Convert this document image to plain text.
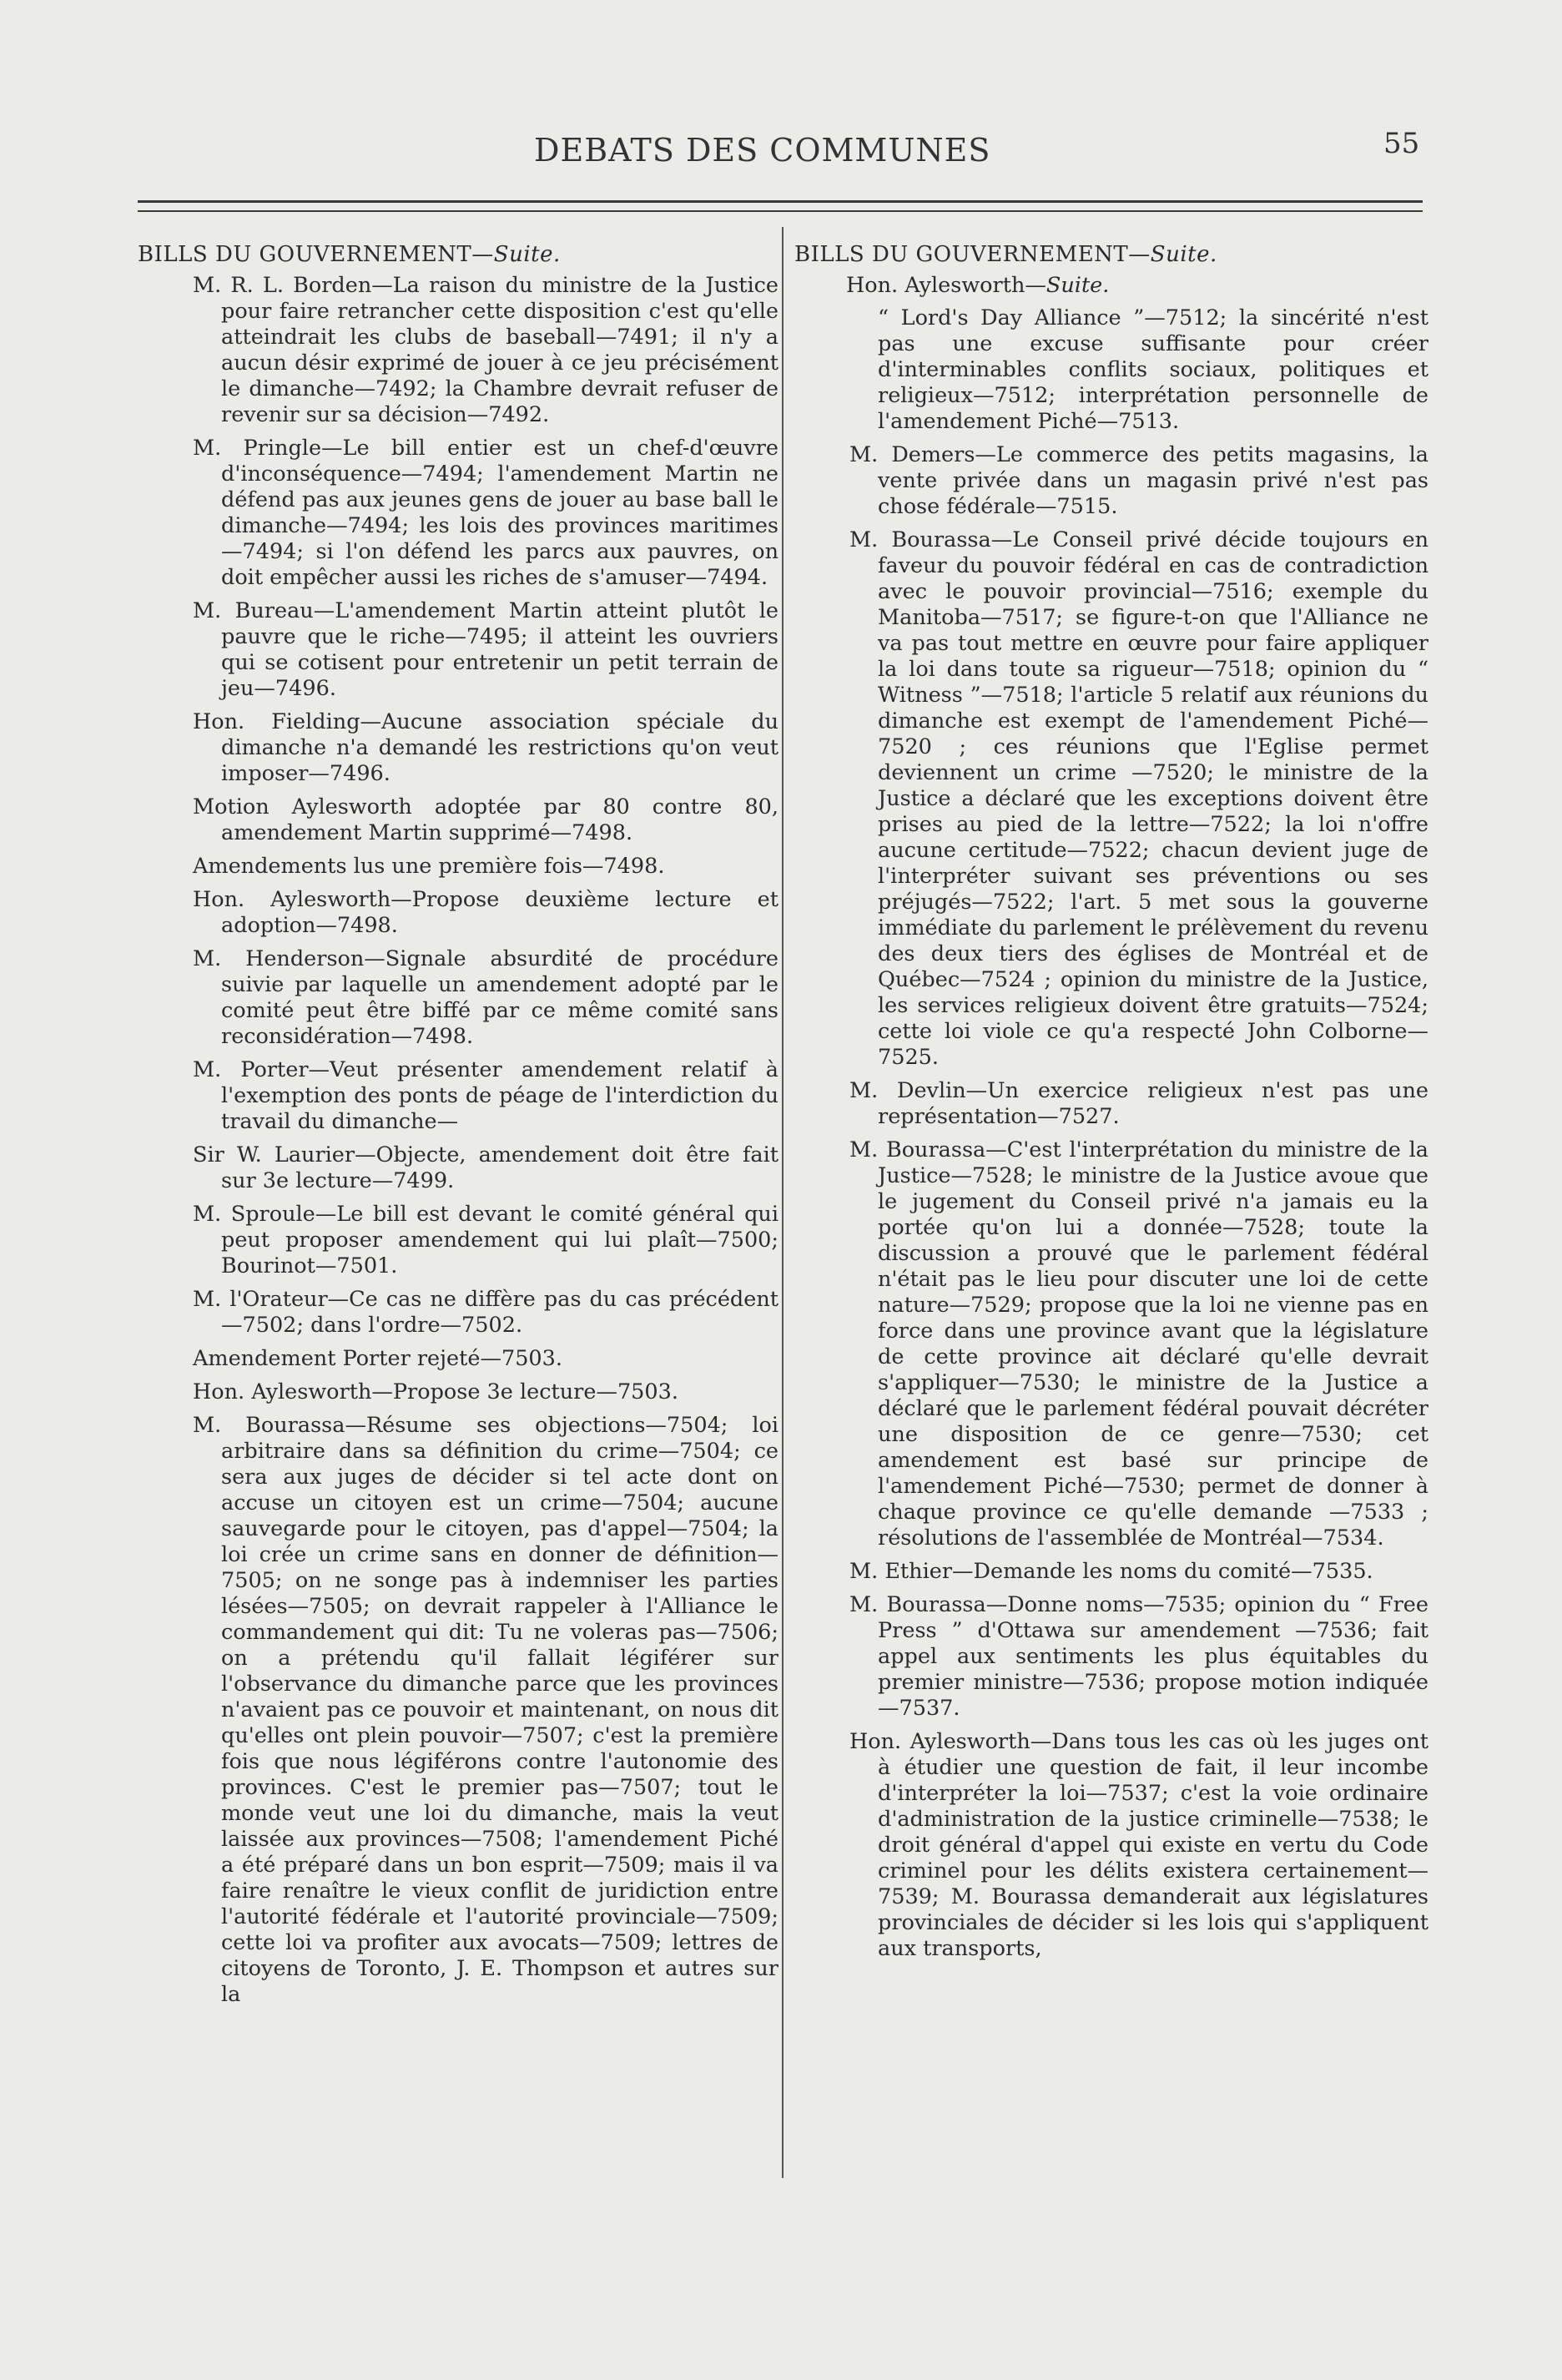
DEBATS DES COMMUNES	55
BILLS DU GOUVERNEMENT—Suite.

M. R. L. Borden—La raison du ministre de la Justice pour faire retrancher cette disposition c'est qu'elle atteindrait les clubs de baseball—7491; il n'y a aucun désir exprimé de jouer à ce jeu précisément le dimanche—7492; la Chambre devrait refuser de revenir sur sa décision—7492.

M. Pringle—Le bill entier est un chef-d'œuvre d'inconséquence—7494; l'amendement Martin ne défend pas aux jeunes gens de jouer au base ball le dimanche—7494; les lois des provinces maritimes—7494; si l'on défend les parcs aux pauvres, on doit empêcher aussi les riches de s'amuser—7494.

M. Bureau—L'amendement Martin atteint plutôt le pauvre que le riche—7495; il atteint les ouvriers qui se cotisent pour entretenir un petit terrain de jeu—7496.

Hon. Fielding—Aucune association spéciale du dimanche n'a demandé les restrictions qu'on veut imposer—7496.

Motion Aylesworth adoptée par 80 contre 80, amendement Martin supprimé—7498.

Amendements lus une première fois—7498.

Hon. Aylesworth—Propose deuxième lecture et adoption—7498.

M. Henderson—Signale absurdité de procédure suivie par laquelle un amendement adopté par le comité peut être biffé par ce même comité sans reconsidération—7498.

M. Porter—Veut présenter amendement relatif à l'exemption des ponts de péage de l'interdiction du travail du dimanche—

Sir W. Laurier—Objecte, amendement doit être fait sur 3e lecture—7499.

M. Sproule—Le bill est devant le comité général qui peut proposer amendement qui lui plaît—7500; Bourinot—7501.

M. l'Orateur—Ce cas ne diffère pas du cas précédent—7502; dans l'ordre—7502.

Amendement Porter rejeté—7503.

Hon. Aylesworth—Propose 3e lecture—7503.

M. Bourassa—Résume ses objections—7504; loi arbitraire dans sa définition du crime—7504; ce sera aux juges de décider si tel acte dont on accuse un citoyen est un crime—7504; aucune sauvegarde pour le citoyen, pas d'appel—7504; la loi crée un crime sans en donner de définition—7505; on ne songe pas à indemniser les parties lésées—7505; on devrait rappeler à l'Alliance le commandement qui dit: Tu ne voleras pas—7506; on a prétendu qu'il fallait légiférer sur l'observance du dimanche parce que les provinces n'avaient pas ce pouvoir et maintenant, on nous dit qu'elles ont plein pouvoir—7507; c'est la première fois que nous légiférons contre l'autonomie des provinces. C'est le premier pas—7507; tout le monde veut une loi du dimanche, mais la veut laissée aux provinces—7508; l'amendement Piché a été préparé dans un bon esprit—7509; mais il va faire renaître le vieux conflit de juridiction entre l'autorité fédérale et l'autorité provinciale—7509; cette loi va profiter aux avocats—7509; lettres de citoyens de Toronto, J. E. Thompson et autres sur la

BILLS DU GOUVERNEMENT—Suite.
Hon. Aylesworth—Suite.

“ Lord's Day Alliance ”—7512; la sincérité n'est pas une excuse suffisante pour créer d'interminables conflits sociaux, politiques et religieux—7512; interprétation personnelle de l'amendement Piché—7513.

M. Demers—Le commerce des petits magasins, la vente privée dans un magasin privé n'est pas chose fédérale—7515.

M. Bourassa—Le Conseil privé décide toujours en faveur du pouvoir fédéral en cas de contradiction avec le pouvoir provincial—7516; exemple du Manitoba—7517; se figure-t-on que l'Alliance ne va pas tout mettre en œuvre pour faire appliquer la loi dans toute sa rigueur—7518; opinion du “ Witness ”—7518; l'article 5 relatif aux réunions du dimanche est exempt de l'amendement Piché—7520 ; ces réunions que l'Eglise permet deviennent un crime —7520; le ministre de la Justice a déclaré que les exceptions doivent être prises au pied de la lettre—7522; la loi n'offre aucune certitude—7522; chacun devient juge de l'interpréter suivant ses préventions ou ses préjugés—7522; l'art. 5 met sous la gouverne immédiate du parlement le prélèvement du revenu des deux tiers des églises de Montréal et de Québec—7524 ; opinion du ministre de la Justice, les services religieux doivent être gratuits—7524; cette loi viole ce qu'a respecté John Colborne—7525.

M. Devlin—Un exercice religieux n'est pas une représentation—7527.

M. Bourassa—C'est l'interprétation du ministre de la Justice—7528; le ministre de la Justice avoue que le jugement du Conseil privé n'a jamais eu la portée qu'on lui a donnée—7528; toute la discussion a prouvé que le parlement fédéral n'était pas le lieu pour discuter une loi de cette nature—7529; propose que la loi ne vienne pas en force dans une province avant que la législature de cette province ait déclaré qu'elle devrait s'appliquer—7530; le ministre de la Justice a déclaré que le parlement fédéral pouvait décréter une disposition de ce genre—7530; cet amendement est basé sur principe de l'amendement Piché—7530; permet de donner à chaque province ce qu'elle demande —7533 ; résolutions de l'assemblée de Montréal—7534.

M. Ethier—Demande les noms du comité—7535.

M. Bourassa—Donne noms—7535; opinion du “ Free Press ” d'Ottawa sur amendement —7536; fait appel aux sentiments les plus équitables du premier ministre—7536; propose motion indiquée—7537.

Hon. Aylesworth—Dans tous les cas où les juges ont à étudier une question de fait, il leur incombe d'interpréter la loi—7537; c'est la voie ordinaire d'administration de la justice criminelle—7538; le droit général d'appel qui existe en vertu du Code criminel pour les délits existera certainement—7539; M. Bourassa demanderait aux législatures provinciales de décider si les lois qui s'appliquent aux transports,
